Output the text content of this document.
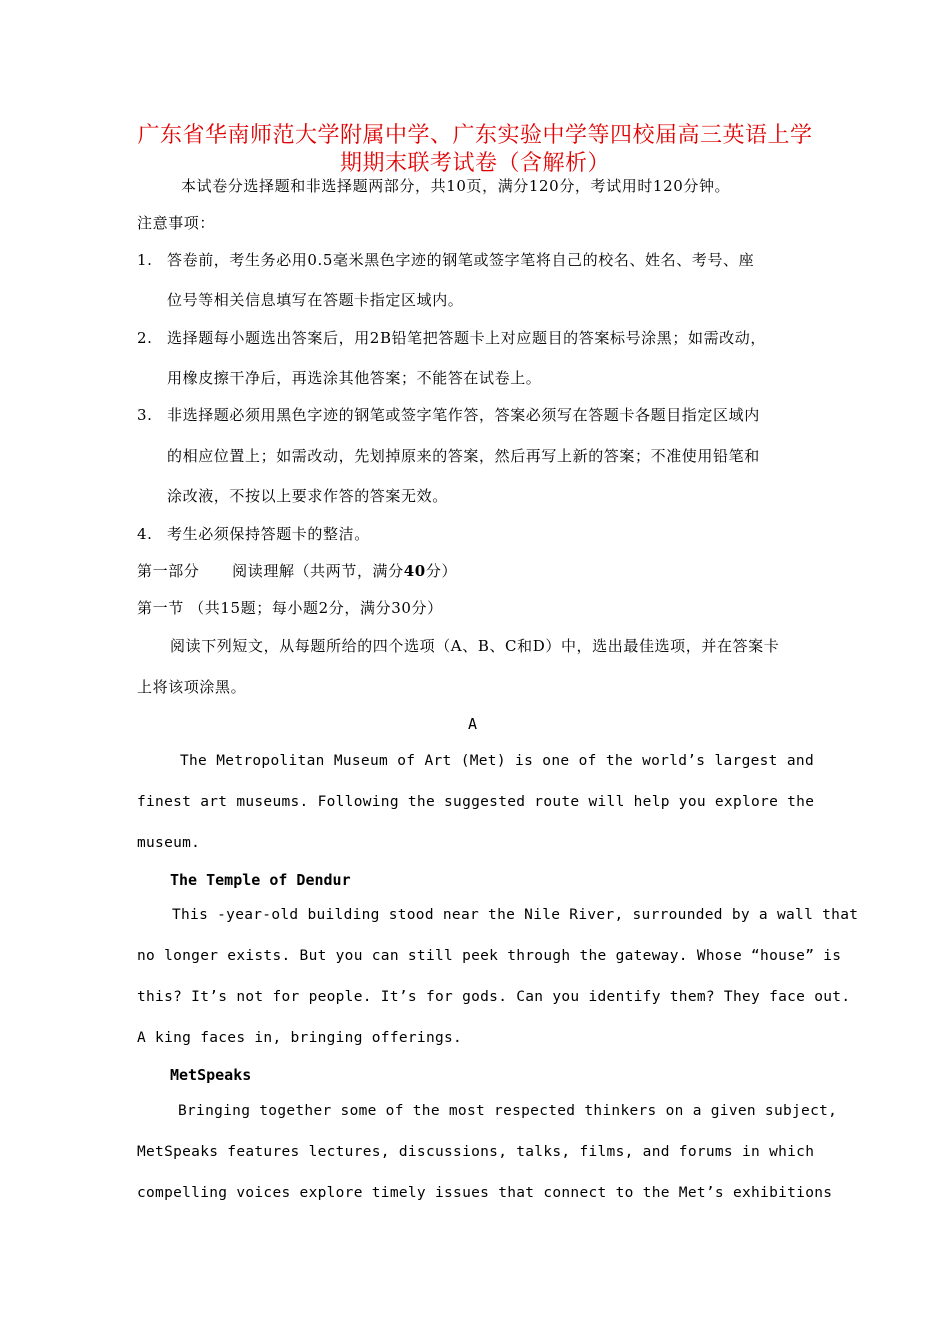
广东省华南师范大学附属中学、广东实验中学等四校届高三英语上学
期期末联考试卷（含解析）
本试卷分选择题和非选择题两部分，共10页，满分120分，考试用时120分钟。
注意事项：
1. 答卷前，考生务必用0.5毫米黑色字迹的钢笔或签字笔将自己的校名、姓名、考号、座
位号等相关信息填写在答题卡指定区域内。
2. 选择题每小题选出答案后，用2B铅笔把答题卡上对应题目的答案标号涂黑；如需改动，
用橡皮擦干净后，再选涂其他答案；不能答在试卷上。
3. 非选择题必须用黑色字迹的钢笔或签字笔作答，答案必须写在答题卡各题目指定区域内
的相应位置上；如需改动，先划掉原来的答案，然后再写上新的答案；不准使用铅笔和
涂改液，不按以上要求作答的答案无效。
4. 考生必须保持答题卡的整洁。
第一部分 阅读理解（共两节，满分40分）
第一节 （共15题；每小题2分，满分30分）
阅读下列短文，从每题所给的四个选项（A、B、C和D）中，选出最佳选项，并在答案卡
上将该项涂黑。
A
The Metropolitan Museum of Art (Met) is one of the world’s largest and
finest art museums. Following the suggested route will help you explore the
museum.
The Temple of Dendur
This -year-old building stood near the Nile River, surrounded by a wall that
no longer exists. But you can still peek through the gateway. Whose “house” is
this? It’s not for people. It’s for gods. Can you identify them? They face out.
A king faces in, bringing offerings.
MetSpeaks
Bringing together some of the most respected thinkers on a given subject,
MetSpeaks features lectures, discussions, talks, films, and forums in which
compelling voices explore timely issues that connect to the Met’s exhibitions
